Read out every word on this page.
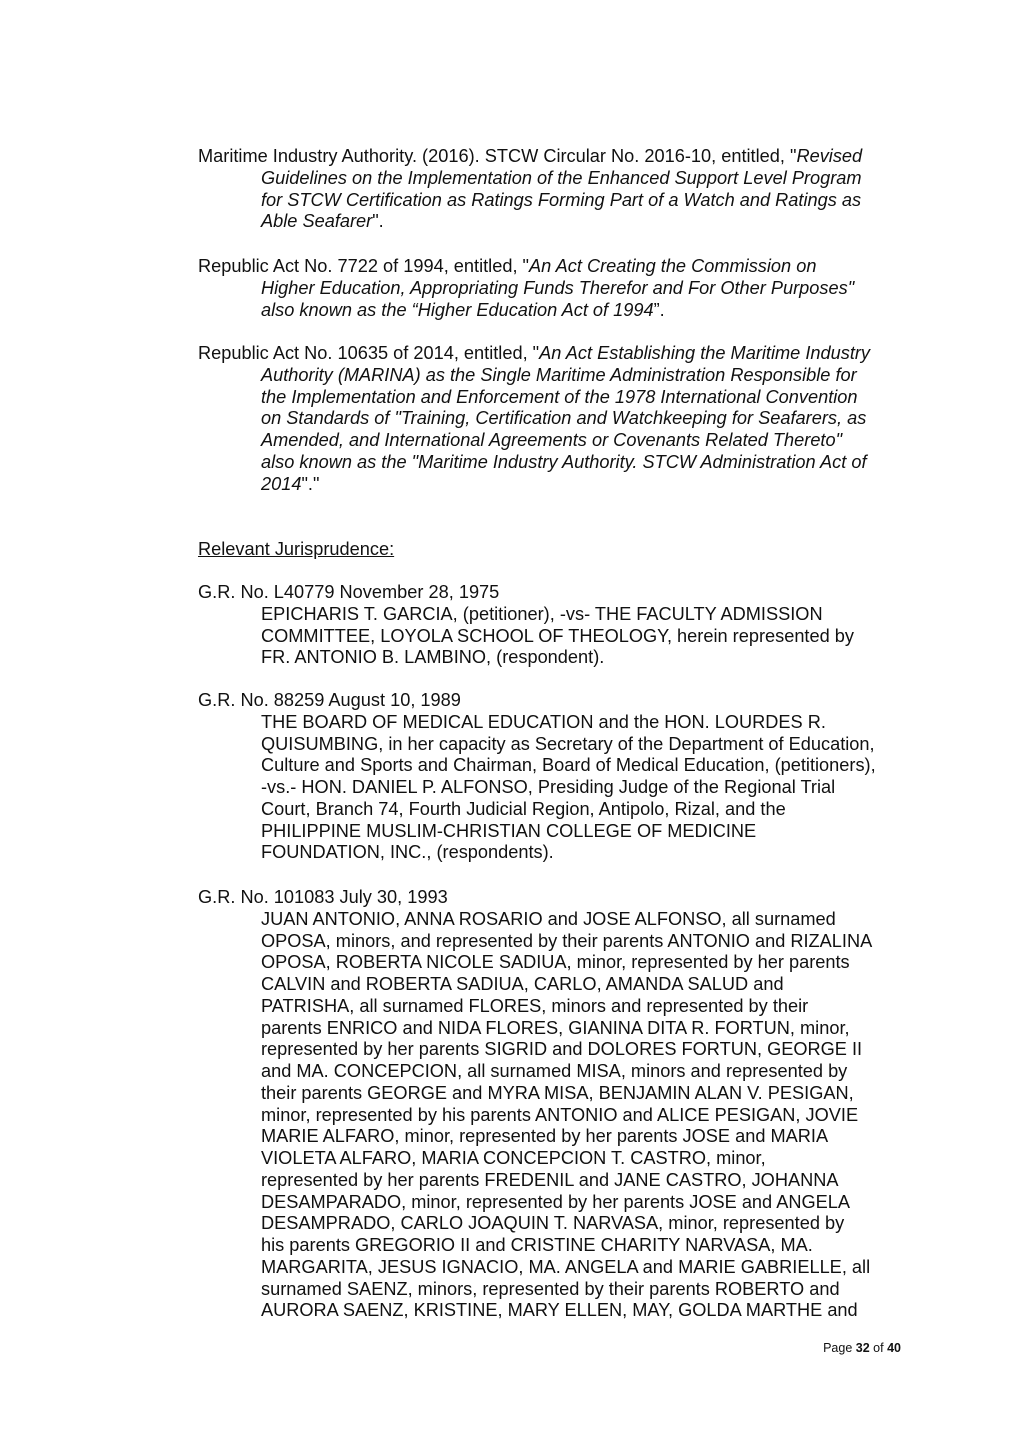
Maritime Industry Authority. (2016). STCW Circular No. 2016-10, entitled, "Revised
Guidelines on the Implementation of the Enhanced Support Level Program
for STCW Certification as Ratings Forming Part of a Watch and Ratings as
Able Seafarer".
Republic Act No. 7722 of 1994, entitled, "An Act Creating the Commission on
Higher Education, Appropriating Funds Therefor and For Other Purposes"
also known as the “Higher Education Act of 1994”.
Republic Act No. 10635 of 2014, entitled, "An Act Establishing the Maritime Industry
Authority (MARINA) as the Single Maritime Administration Responsible for
the Implementation and Enforcement of the 1978 International Convention
on Standards of "Training, Certification and Watchkeeping for Seafarers, as
Amended, and International Agreements or Covenants Related Thereto"
also known as the "Maritime Industry Authority. STCW Administration Act of
2014"."
Relevant Jurisprudence:
G.R. No. L40779 November 28, 1975
EPICHARIS T. GARCIA, (petitioner), -vs- THE FACULTY ADMISSION
COMMITTEE, LOYOLA SCHOOL OF THEOLOGY, herein represented by
FR. ANTONIO B. LAMBINO, (respondent).
G.R. No. 88259 August 10, 1989
THE BOARD OF MEDICAL EDUCATION and the HON. LOURDES R.
QUISUMBING, in her capacity as Secretary of the Department of Education,
Culture and Sports and Chairman, Board of Medical Education, (petitioners),
-vs.- HON. DANIEL P. ALFONSO, Presiding Judge of the Regional Trial
Court, Branch 74, Fourth Judicial Region, Antipolo, Rizal, and the
PHILIPPINE MUSLIM-CHRISTIAN COLLEGE OF MEDICINE
FOUNDATION, INC., (respondents).
G.R. No. 101083 July 30, 1993
JUAN ANTONIO, ANNA ROSARIO and JOSE ALFONSO, all surnamed
OPOSA, minors, and represented by their parents ANTONIO and RIZALINA
OPOSA, ROBERTA NICOLE SADIUA, minor, represented by her parents
CALVIN and ROBERTA SADIUA, CARLO, AMANDA SALUD and
PATRISHA, all surnamed FLORES, minors and represented by their
parents ENRICO and NIDA FLORES, GIANINA DITA R. FORTUN, minor,
represented by her parents SIGRID and DOLORES FORTUN, GEORGE II
and MA. CONCEPCION, all surnamed MISA, minors and represented by
their parents GEORGE and MYRA MISA, BENJAMIN ALAN V. PESIGAN,
minor, represented by his parents ANTONIO and ALICE PESIGAN, JOVIE
MARIE ALFARO, minor, represented by her parents JOSE and MARIA
VIOLETA ALFARO, MARIA CONCEPCION T. CASTRO, minor,
represented by her parents FREDENIL and JANE CASTRO, JOHANNA
DESAMPARADO, minor, represented by her parents JOSE and ANGELA
DESAMPRADO, CARLO JOAQUIN T. NARVASA, minor, represented by
his parents GREGORIO II and CRISTINE CHARITY NARVASA, MA.
MARGARITA, JESUS IGNACIO, MA. ANGELA and MARIE GABRIELLE, all
surnamed SAENZ, minors, represented by their parents ROBERTO and
AURORA SAENZ, KRISTINE, MARY ELLEN, MAY, GOLDA MARTHE and
Page 32 of 40
